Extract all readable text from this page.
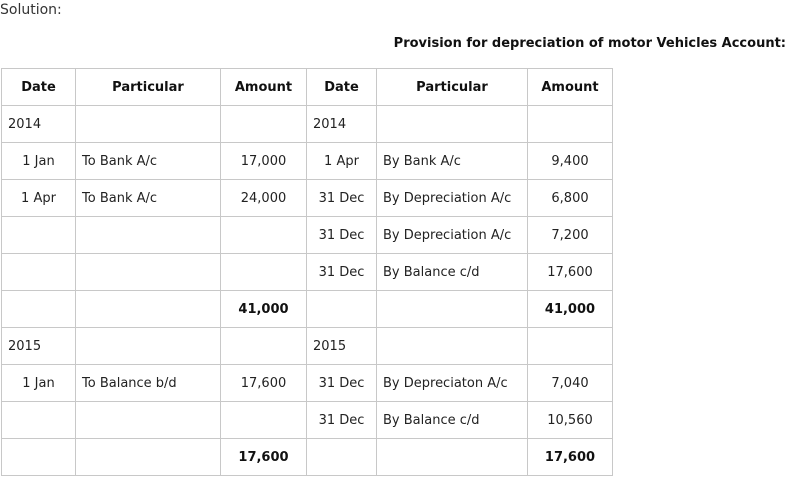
Solution:
Provision for depreciation of motor Vehicles Account:
Date	Particular	Amount	Date	Particular	Amount
2014			2014		
1 Jan	To Bank A/c	17,000	1 Apr	By Bank A/c	9,400
1 Apr	To Bank A/c	24,000	31 Dec	By Depreciation A/c	6,800
			31 Dec	By Depreciation A/c	7,200
			31 Dec	By Balance c/d	17,600
		41,000			41,000
2015			2015		
1 Jan	To Balance b/d	17,600	31 Dec	By Depreciaton A/c	7,040
			31 Dec	By Balance c/d	10,560
		17,600			17,600
